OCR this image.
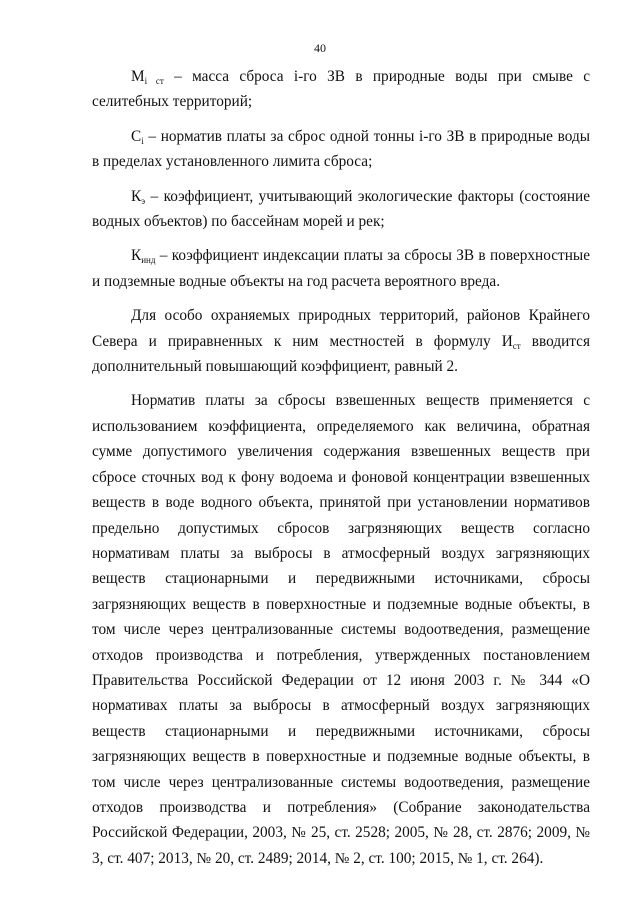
40

$M_{i ст}$ – масса сброса i-го ЗВ в природные воды при смыве с селитебных территорий;

$С_i$ – норматив платы за сброс одной тонны i-го ЗВ в природные воды в пределах установленного лимита сброса;

$К_э$ – коэффициент, учитывающий экологические факторы (состояние водных объектов) по бассейнам морей и рек;

$К_{инд}$ – коэффициент индексации платы за сбросы ЗВ в поверхностные и подземные водные объекты на год расчета вероятного вреда.

Для особо охраняемых природных территорий, районов Крайнего Севера и приравненных к ним местностей в формулу $И_{ст}$ вводится дополнительный повышающий коэффициент, равный 2.

Норматив платы за сбросы взвешенных веществ применяется с использованием коэффициента, определяемого как величина, обратная сумме допустимого увеличения содержания взвешенных веществ при сбросе сточных вод к фону водоема и фоновой концентрации взвешенных веществ в воде водного объекта, принятой при установлении нормативов предельно допустимых сбросов загрязняющих веществ согласно нормативам платы за выбросы в атмосферный воздух загрязняющих веществ стационарными и передвижными источниками, сбросы загрязняющих веществ в поверхностные и подземные водные объекты, в том числе через централизованные системы водоотведения, размещение отходов производства и потребления, утвержденных постановлением Правительства Российской Федерации от 12 июня 2003 г. № 344 «О нормативах платы за выбросы в атмосферный воздух загрязняющих веществ стационарными и передвижными источниками, сбросы загрязняющих веществ в поверхностные и подземные водные объекты, в том числе через централизованные системы водоотведения, размещение отходов производства и потребления» (Собрание законодательства Российской Федерации, 2003, № 25, ст. 2528; 2005, № 28, ст. 2876; 2009, № 3, ст. 407; 2013, № 20, ст. 2489; 2014, № 2, ст. 100; 2015, № 1, ст. 264).
